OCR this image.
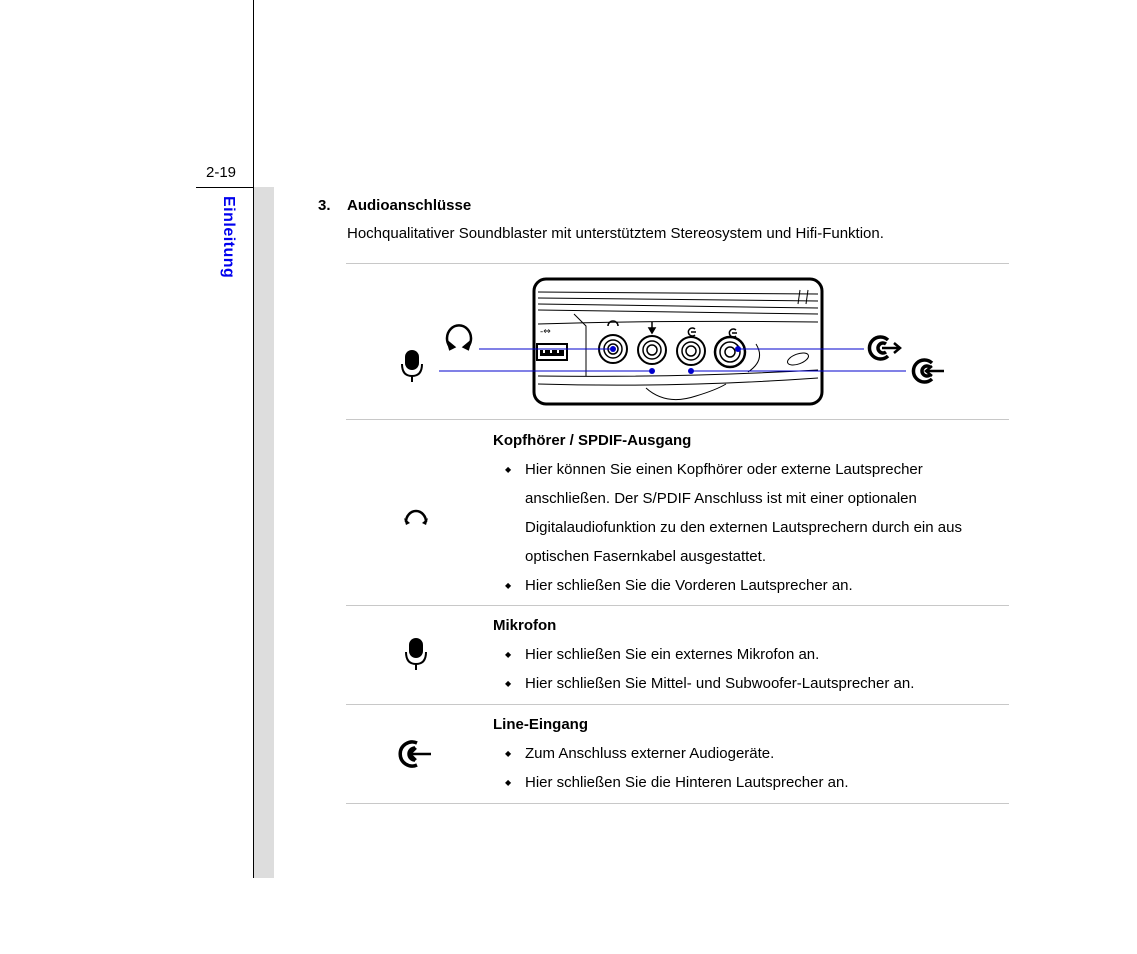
2-19
Einleitung	3. Audioanschlüsse
Hochqualitativer Soundblaster mit unterstütztem Stereosystem und Hifi-Funktion.
-⇔
Kopfhörer / SPDIF-Ausgang
◆ Hier können Sie einen Kopfhörer oder externe Lautsprecher anschließen. Der S/PDIF Anschluss ist mit einer optionalen Digitalaudiofunktion zu den externen Lautsprechern durch ein aus optischen Fasernkabel ausgestattet.
◆ Hier schließen Sie die Vorderen Lautsprecher an.
Mikrofon
◆ Hier schließen Sie ein externes Mikrofon an.
◆ Hier schließen Sie Mittel- und Subwoofer-Lautsprecher an.
Line-Eingang
◆ Zum Anschluss externer Audiogeräte.
◆ Hier schließen Sie die Hinteren Lautsprecher an.
